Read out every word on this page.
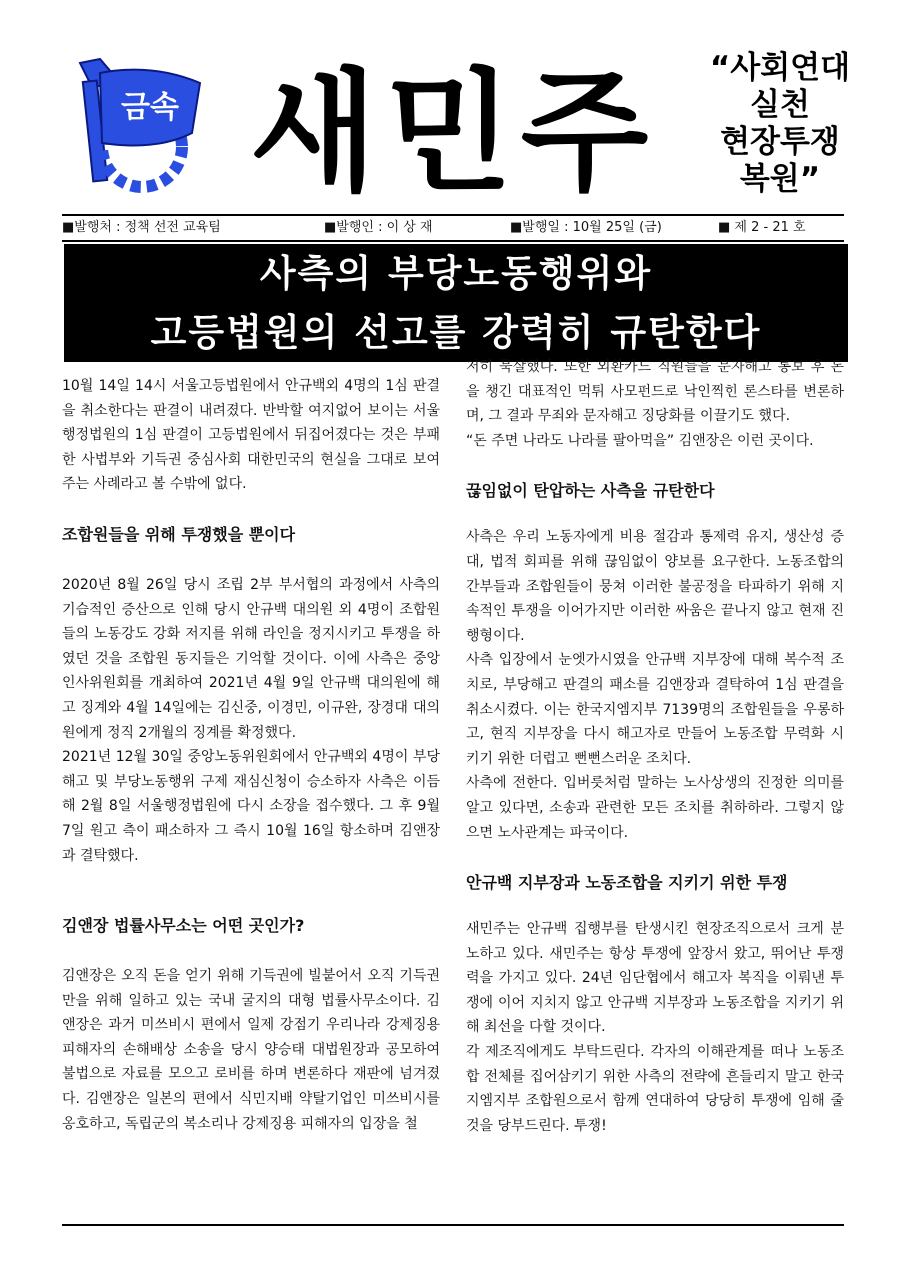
금속 새민주	“사회연대
실천
현장투쟁
복원”
■발행처 : 정책 선전 교육팀	■발행인 : 이 상 재	■발행일 : 10월 25일 (금)	■ 제 2 - 21 호
사측의 부당노동행위와
고등법원의 선고를 강력히 규탄한다

10월 14일 14시 서울고등법원에서 안규백외 4명의 1심 판결을 취소한다는 판결이 내려졌다. 반박할 여지없어 보이는 서울행정법원의 1심 판결이 고등법원에서 뒤집어졌다는 것은 부패한 사법부와 기득권 중심사회 대한민국의 현실을 그대로 보여주는 사례라고 볼 수밖에 없다.

조합원들을 위해 투쟁했을 뿐이다

2020년 8월 26일 당시 조립 2부 부서협의 과정에서 사측의 기습적인 증산으로 인해 당시 안규백 대의원 외 4명이 조합원들의 노동강도 강화 저지를 위해 라인을 정지시키고 투쟁을 하였던 것을 조합원 동지들은 기억할 것이다. 이에 사측은 중앙인사위원회를 개최하여 2021년 4월 9일 안규백 대의원에 해고 징계와 4월 14일에는 김신중, 이경민, 이규완, 장경대 대의원에게 정직 2개월의 징계를 확정했다.

2021년 12월 30일 중앙노동위원회에서 안규백외 4명이 부당해고 및 부당노동행위 구제 재심신청이 승소하자 사측은 이듬해 2월 8일 서울행정법원에 다시 소장을 접수했다. 그 후 9월 7일 원고 측이 패소하자 그 즉시 10월 16일 항소하며 김앤장과 결탁했다.

김앤장 법률사무소는 어떤 곳인가?

김앤장은 오직 돈을 얻기 위해 기득권에 빌붙어서 오직 기득권만을 위해 일하고 있는 국내 굴지의 대형 법률사무소이다. 김앤장은 과거 미쓰비시 편에서 일제 강점기 우리나라 강제징용 피해자의 손해배상 소송을 당시 양승태 대법원장과 공모하여 불법으로 자료를 모으고 로비를 하며 변론하다 재판에 넘겨졌다. 김앤장은 일본의 편에서 식민지배 약탈기업인 미쓰비시를 옹호하고, 독립군의 복소리나 강제징용 피해자의 입장을 철

저히 묵살했다. 또한 외환카드 직원들을 문자해고 통보 후 돈을 챙긴 대표적인 먹튀 사모펀드로 낙인찍힌 론스타를 변론하며, 그 결과 무죄와 문자해고 징당화를 이끌기도 했다.

“돈 주면 나라도 나라를 팔아먹을” 김앤장은 이런 곳이다.

끊임없이 탄압하는 사측을 규탄한다

사측은 우리 노동자에게 비용 절감과 통제력 유지, 생산성 증대, 법적 회피를 위해 끊임없이 양보를 요구한다. 노동조합의 간부들과 조합원들이 뭉쳐 이러한 불공정을 타파하기 위해 지속적인 투쟁을 이어가지만 이러한 싸움은 끝나지 않고 현재 진행형이다.

사측 입장에서 눈엣가시였을 안규백 지부장에 대해 복수적 조치로, 부당해고 판결의 패소를 김앤장과 결탁하여 1심 판결을 취소시켰다. 이는 한국지엠지부 7139명의 조합원들을 우롱하고, 현직 지부장을 다시 해고자로 만들어 노동조합 무력화 시키기 위한 더럽고 뻔뻔스러운 조치다.

사측에 전한다. 입버릇처럼 말하는 노사상생의 진정한 의미를 알고 있다면, 소송과 관련한 모든 조치를 취하하라. 그렇지 않으면 노사관계는 파국이다.

안규백 지부장과 노동조합을 지키기 위한 투쟁

새민주는 안규백 집행부를 탄생시킨 현장조직으로서 크게 분노하고 있다. 새민주는 항상 투쟁에 앞장서 왔고, 뛰어난 투쟁력을 가지고 있다. 24년 임단협에서 해고자 복직을 이뤄낸 투쟁에 이어 지치지 않고 안규백 지부장과 노동조합을 지키기 위해 최선을 다할 것이다.

각 제조직에게도 부탁드린다. 각자의 이해관계를 떠나 노동조합 전체를 집어삼키기 위한 사측의 전략에 흔들리지 말고 한국지엠지부 조합원으로서 함께 연대하여 당당히 투쟁에 임해 줄 것을 당부드린다. 투쟁!
